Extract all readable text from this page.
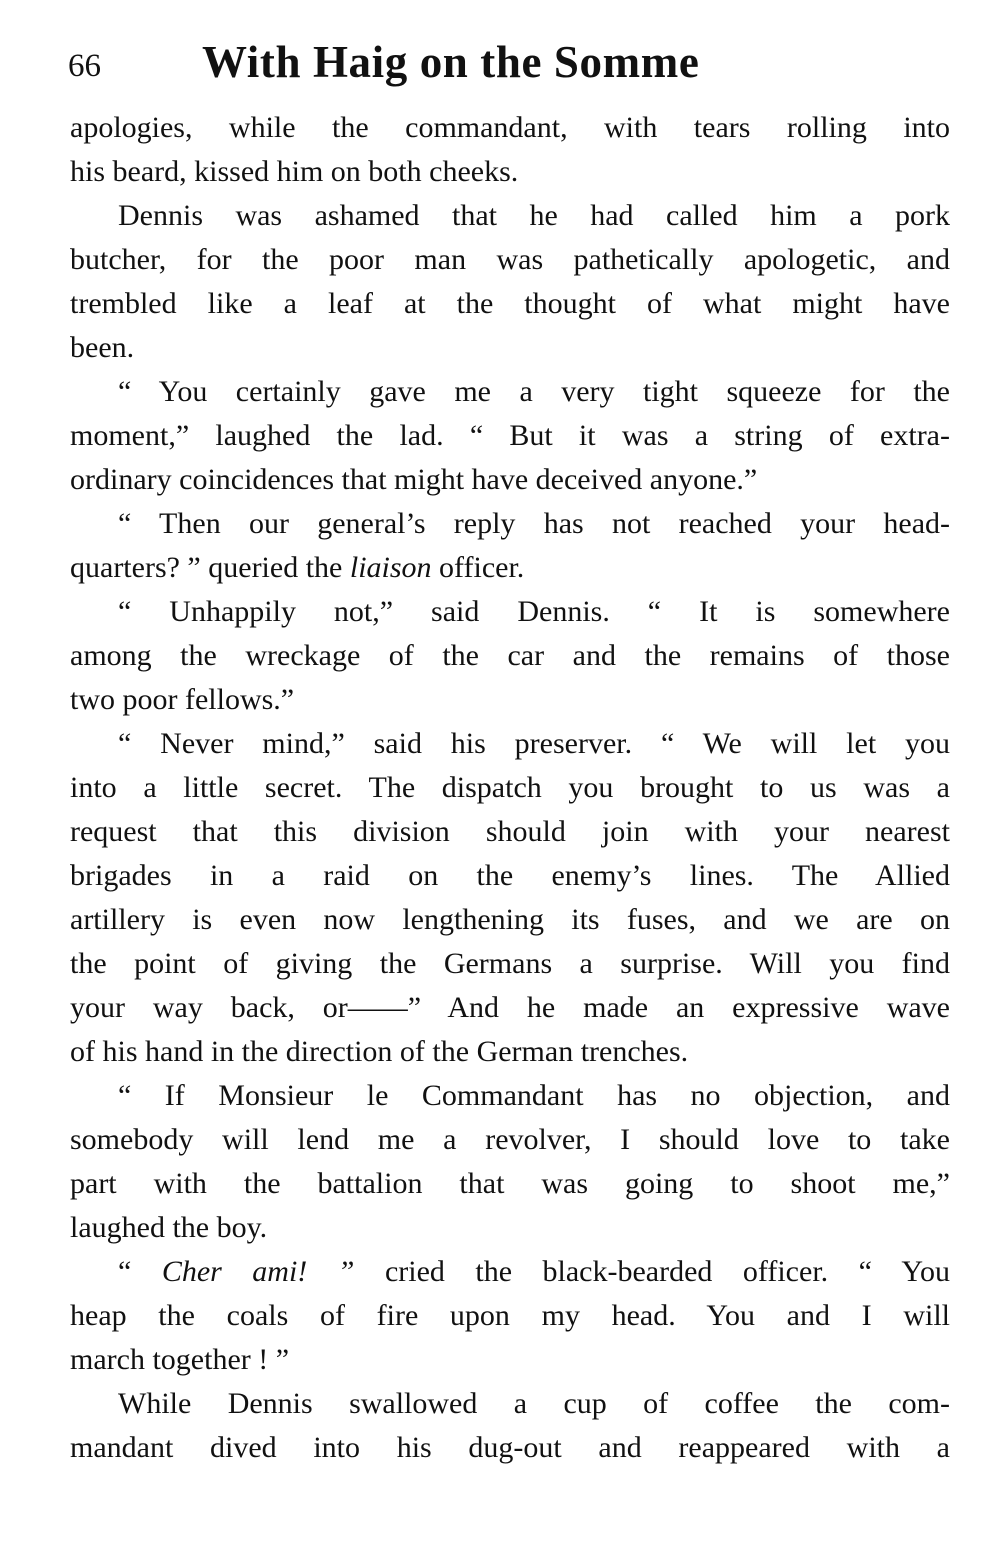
66 With Haig on the Somme
apologies, while the commandant, with tears rolling into
his beard, kissed him on both cheeks.
Dennis was ashamed that he had called him a pork
butcher, for the poor man was pathetically apologetic, and
trembled like a leaf at the thought of what might have
been.
“ You certainly gave me a very tight squeeze for the
moment,” laughed the lad. “ But it was a string of extra-
ordinary coincidences that might have deceived anyone.”
“ Then our general’s reply has not reached your head-
quarters? ” queried the liaison officer.
“ Unhappily not,” said Dennis. “ It is somewhere
among the wreckage of the car and the remains of those
two poor fellows.”
“ Never mind,” said his preserver. “ We will let you
into a little secret. The dispatch you brought to us was a
request that this division should join with your nearest
brigades in a raid on the enemy’s lines. The Allied
artillery is even now lengthening its fuses, and we are on
the point of giving the Germans a surprise. Will you find
your way back, or——” And he made an expressive wave
of his hand in the direction of the German trenches.
“ If Monsieur le Commandant has no objection, and
somebody will lend me a revolver, I should love to take
part with the battalion that was going to shoot me,”
laughed the boy.
“ Cher ami! ” cried the black-bearded officer. “ You
heap the coals of fire upon my head. You and I will
march together ! ”
While Dennis swallowed a cup of coffee the com-
mandant dived into his dug-out and reappeared with a
